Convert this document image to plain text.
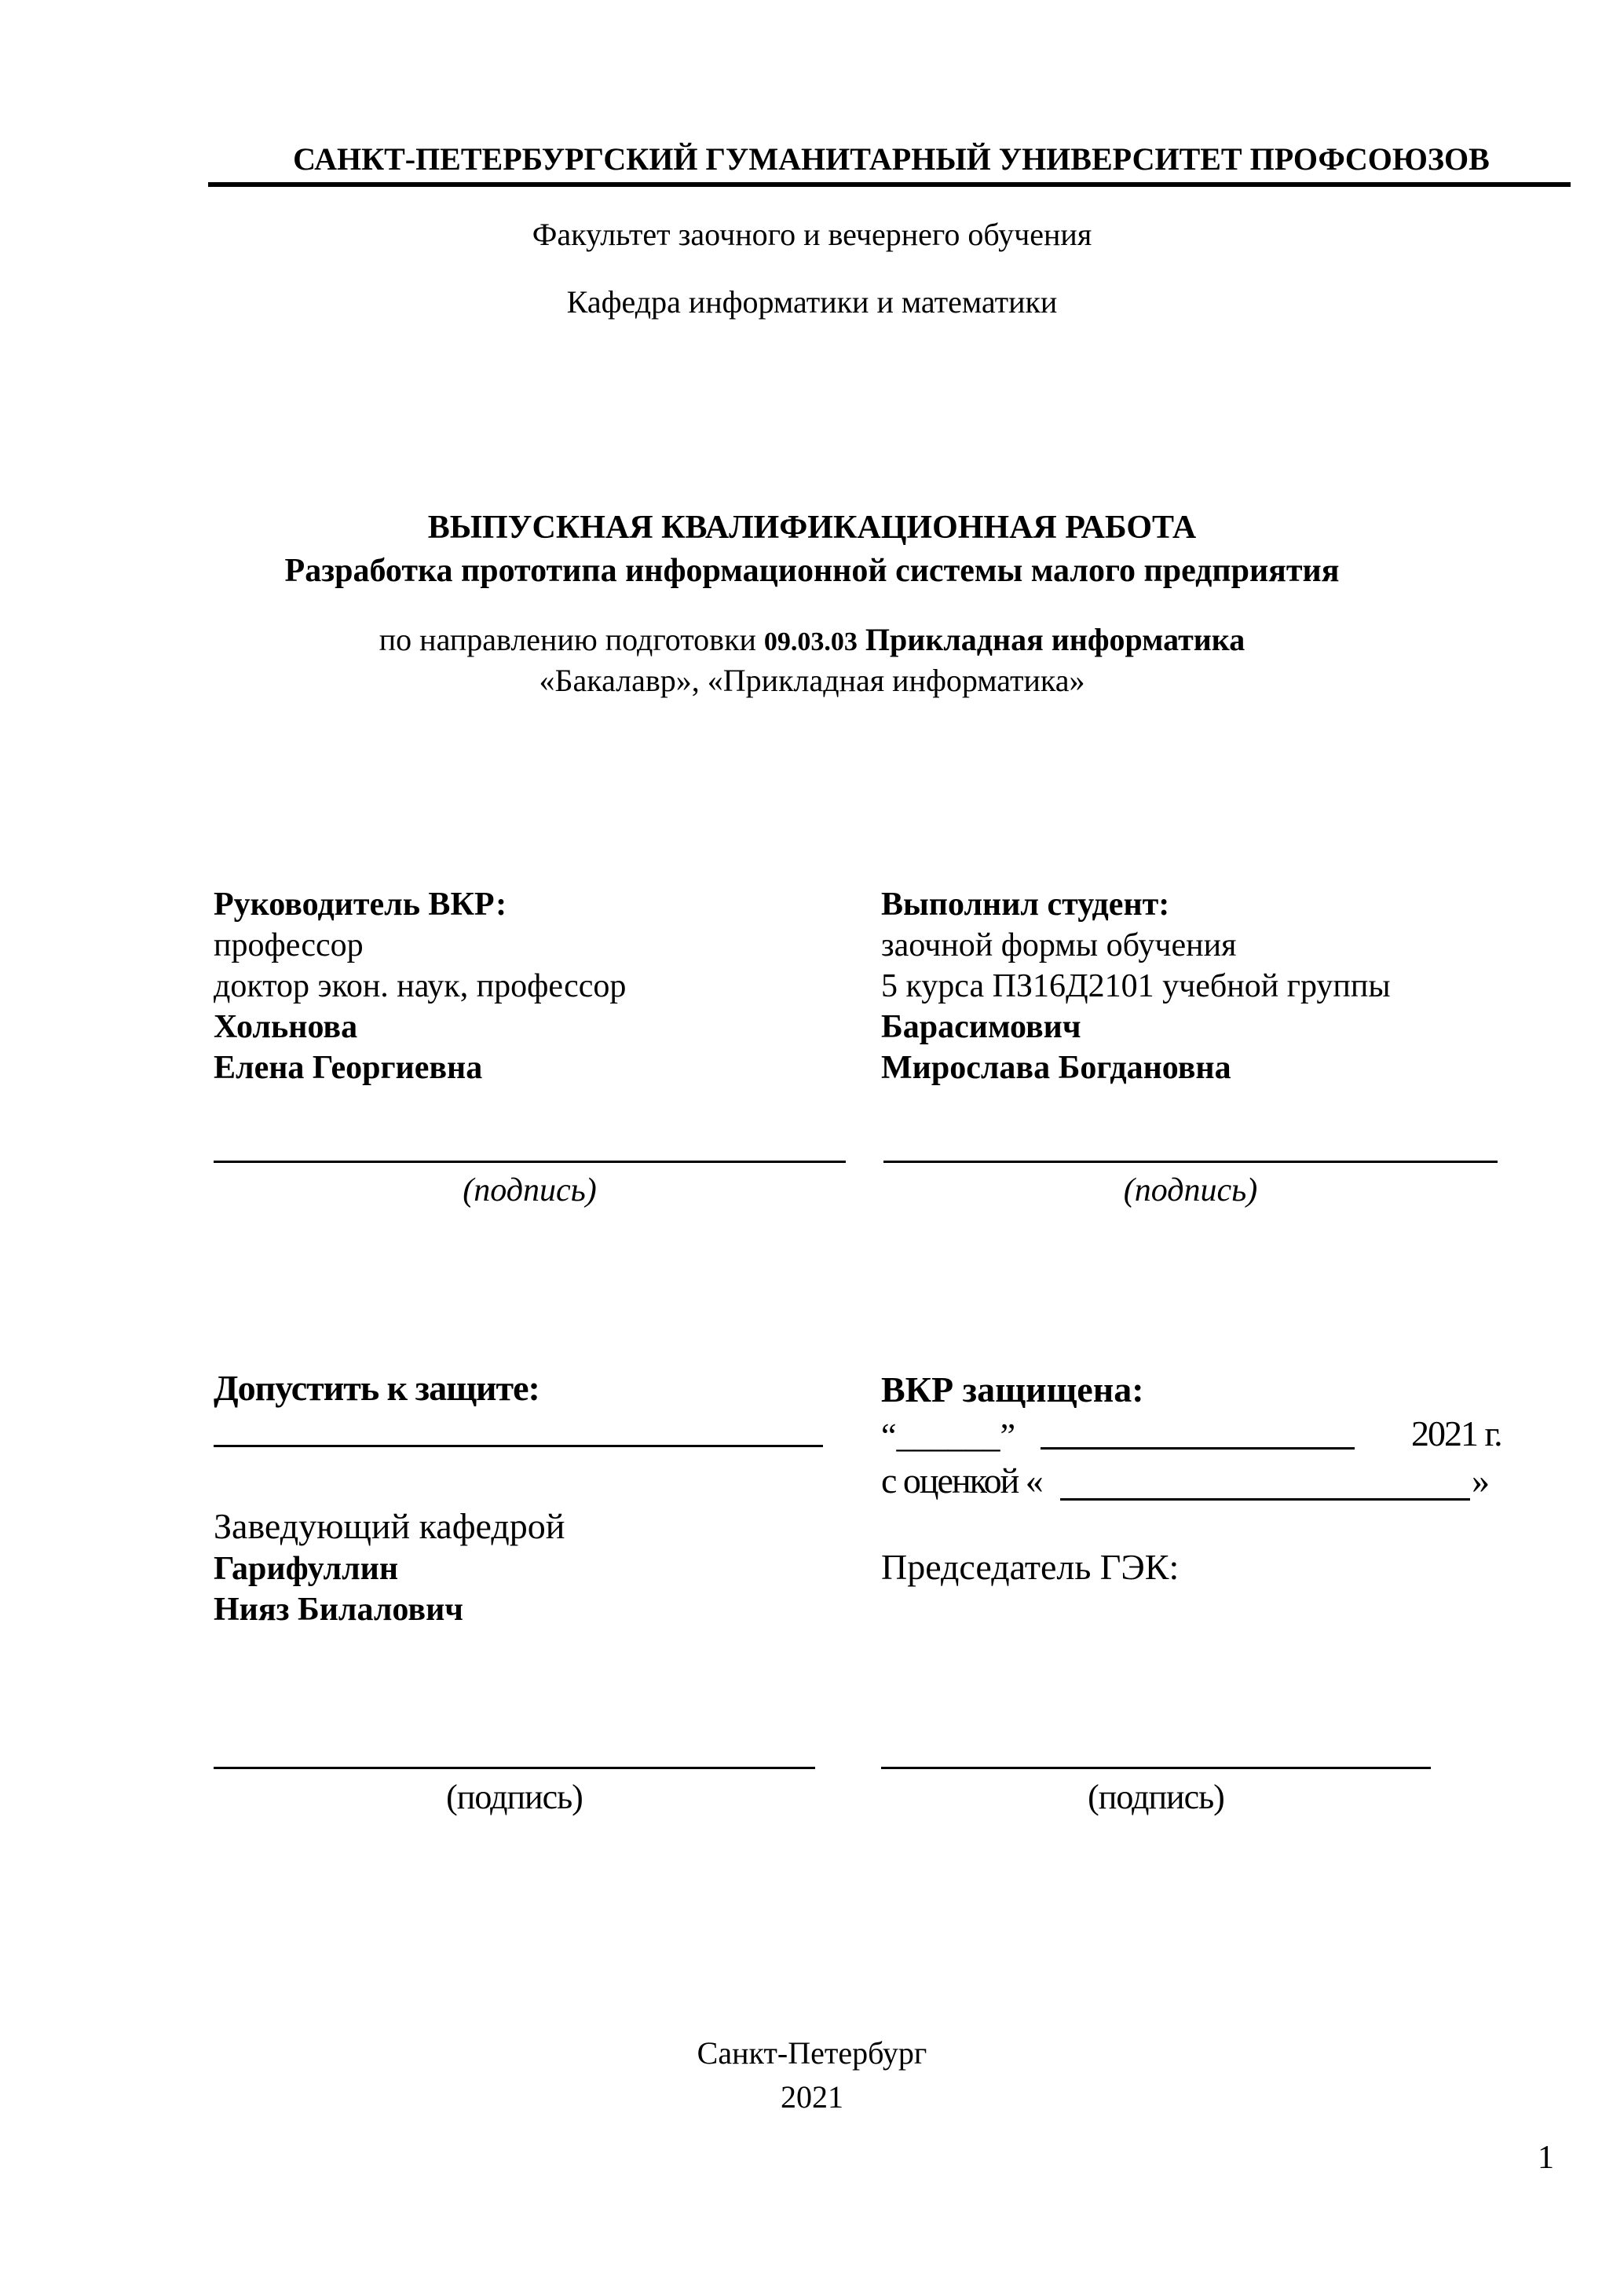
САНКТ-ПЕТЕРБУРГСКИЙ ГУМАНИТАРНЫЙ УНИВЕРСИТЕТ ПРОФСОЮЗОВ

Факультет заочного и вечернего обучения

Кафедра информатики и математики

ВЫПУСКНАЯ КВАЛИФИКАЦИОННАЯ РАБОТА

Разработка прототипа информационной системы малого предприятия

по направлению подготовки 09.03.03 Прикладная информатика

«Бакалавр», «Прикладная информатика»

Руководитель ВКР:

профессор

доктор экон. наук, профессор

Хольнова

Елена Георгиевна

(подпись)

Выполнил студент:

заочной формы обучения

5 курса ПЗ16Д2101 учебной группы

Барасимович

Мирослава Богдановна

(подпись)

Допустить к защите:

Заведующий кафедрой

Гарифуллин

Нияз Билалович

(подпись)

ВКР защищена:

“______”	2021 г.

с оценкой «	»

Председатель ГЭК:

(подпись)

Санкт-Петербург

2021

1
